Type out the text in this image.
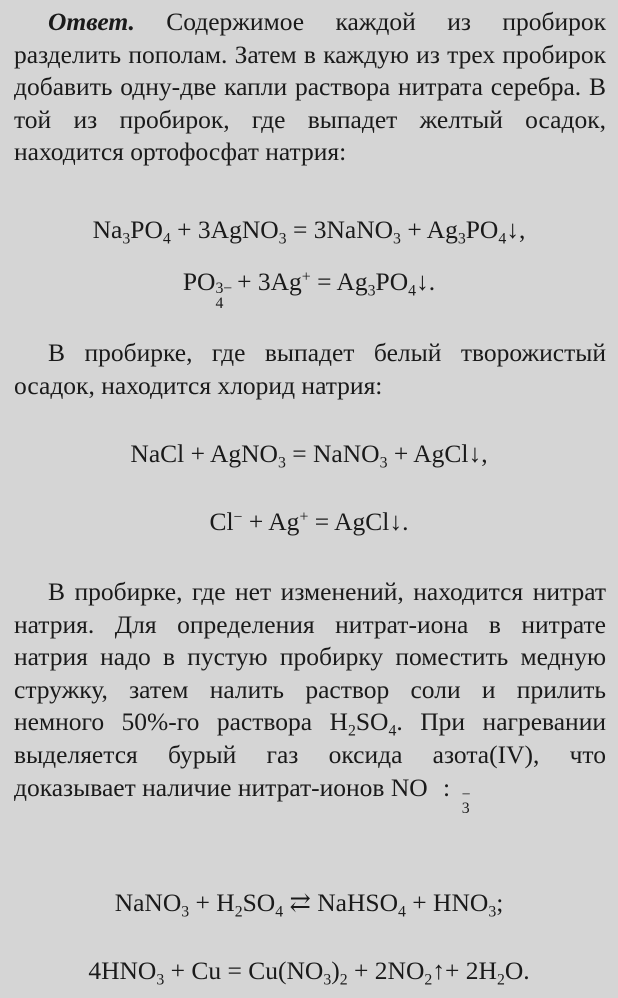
Ответ. Содержимое каждой из пробирок разделить пополам. Затем в каждую из трех пробирок добавить одну-две капли раствора нитрата серебра. В той из пробирок, где выпадет желтый осадок, находится ортофосфат натрия:

$Na_3PO_4$ + 3AgNO$_3$ = 3NaNO$_3$ + $Ag_3PO_4↓$,

PO 3−
4
+ $3Ag^+ = Ag_3PO_4↓$.

В пробирке, где выпадет белый творожистый осадок, находится хлорид натрия:

NaCl + AgNO$_3$ = NaNO$_3$ + AgCl↓,

Cl− + Ag+ = AgCl↓.

В пробирке, где нет изменений, находится нитрат натрия. Для определения нитрат-иона в нитрате натрия надо в пустую пробирку поместить медную стружку, затем налить раствор соли и прилить немного 50%-го раствора $H_2SO_4$. При нагревании выделяется бурый газ оксида азота(IV), что доказывает наличие нитрат-ионов NO	−
3
:

NaNO$_3$ + $H_2SO_4$ ⇄ NaHSO$_4$ + $HNO_3$;

$4HNO_3 + Cu = Cu(NO_3)_2$ + $2NO_2↑+ 2H_2O$.
